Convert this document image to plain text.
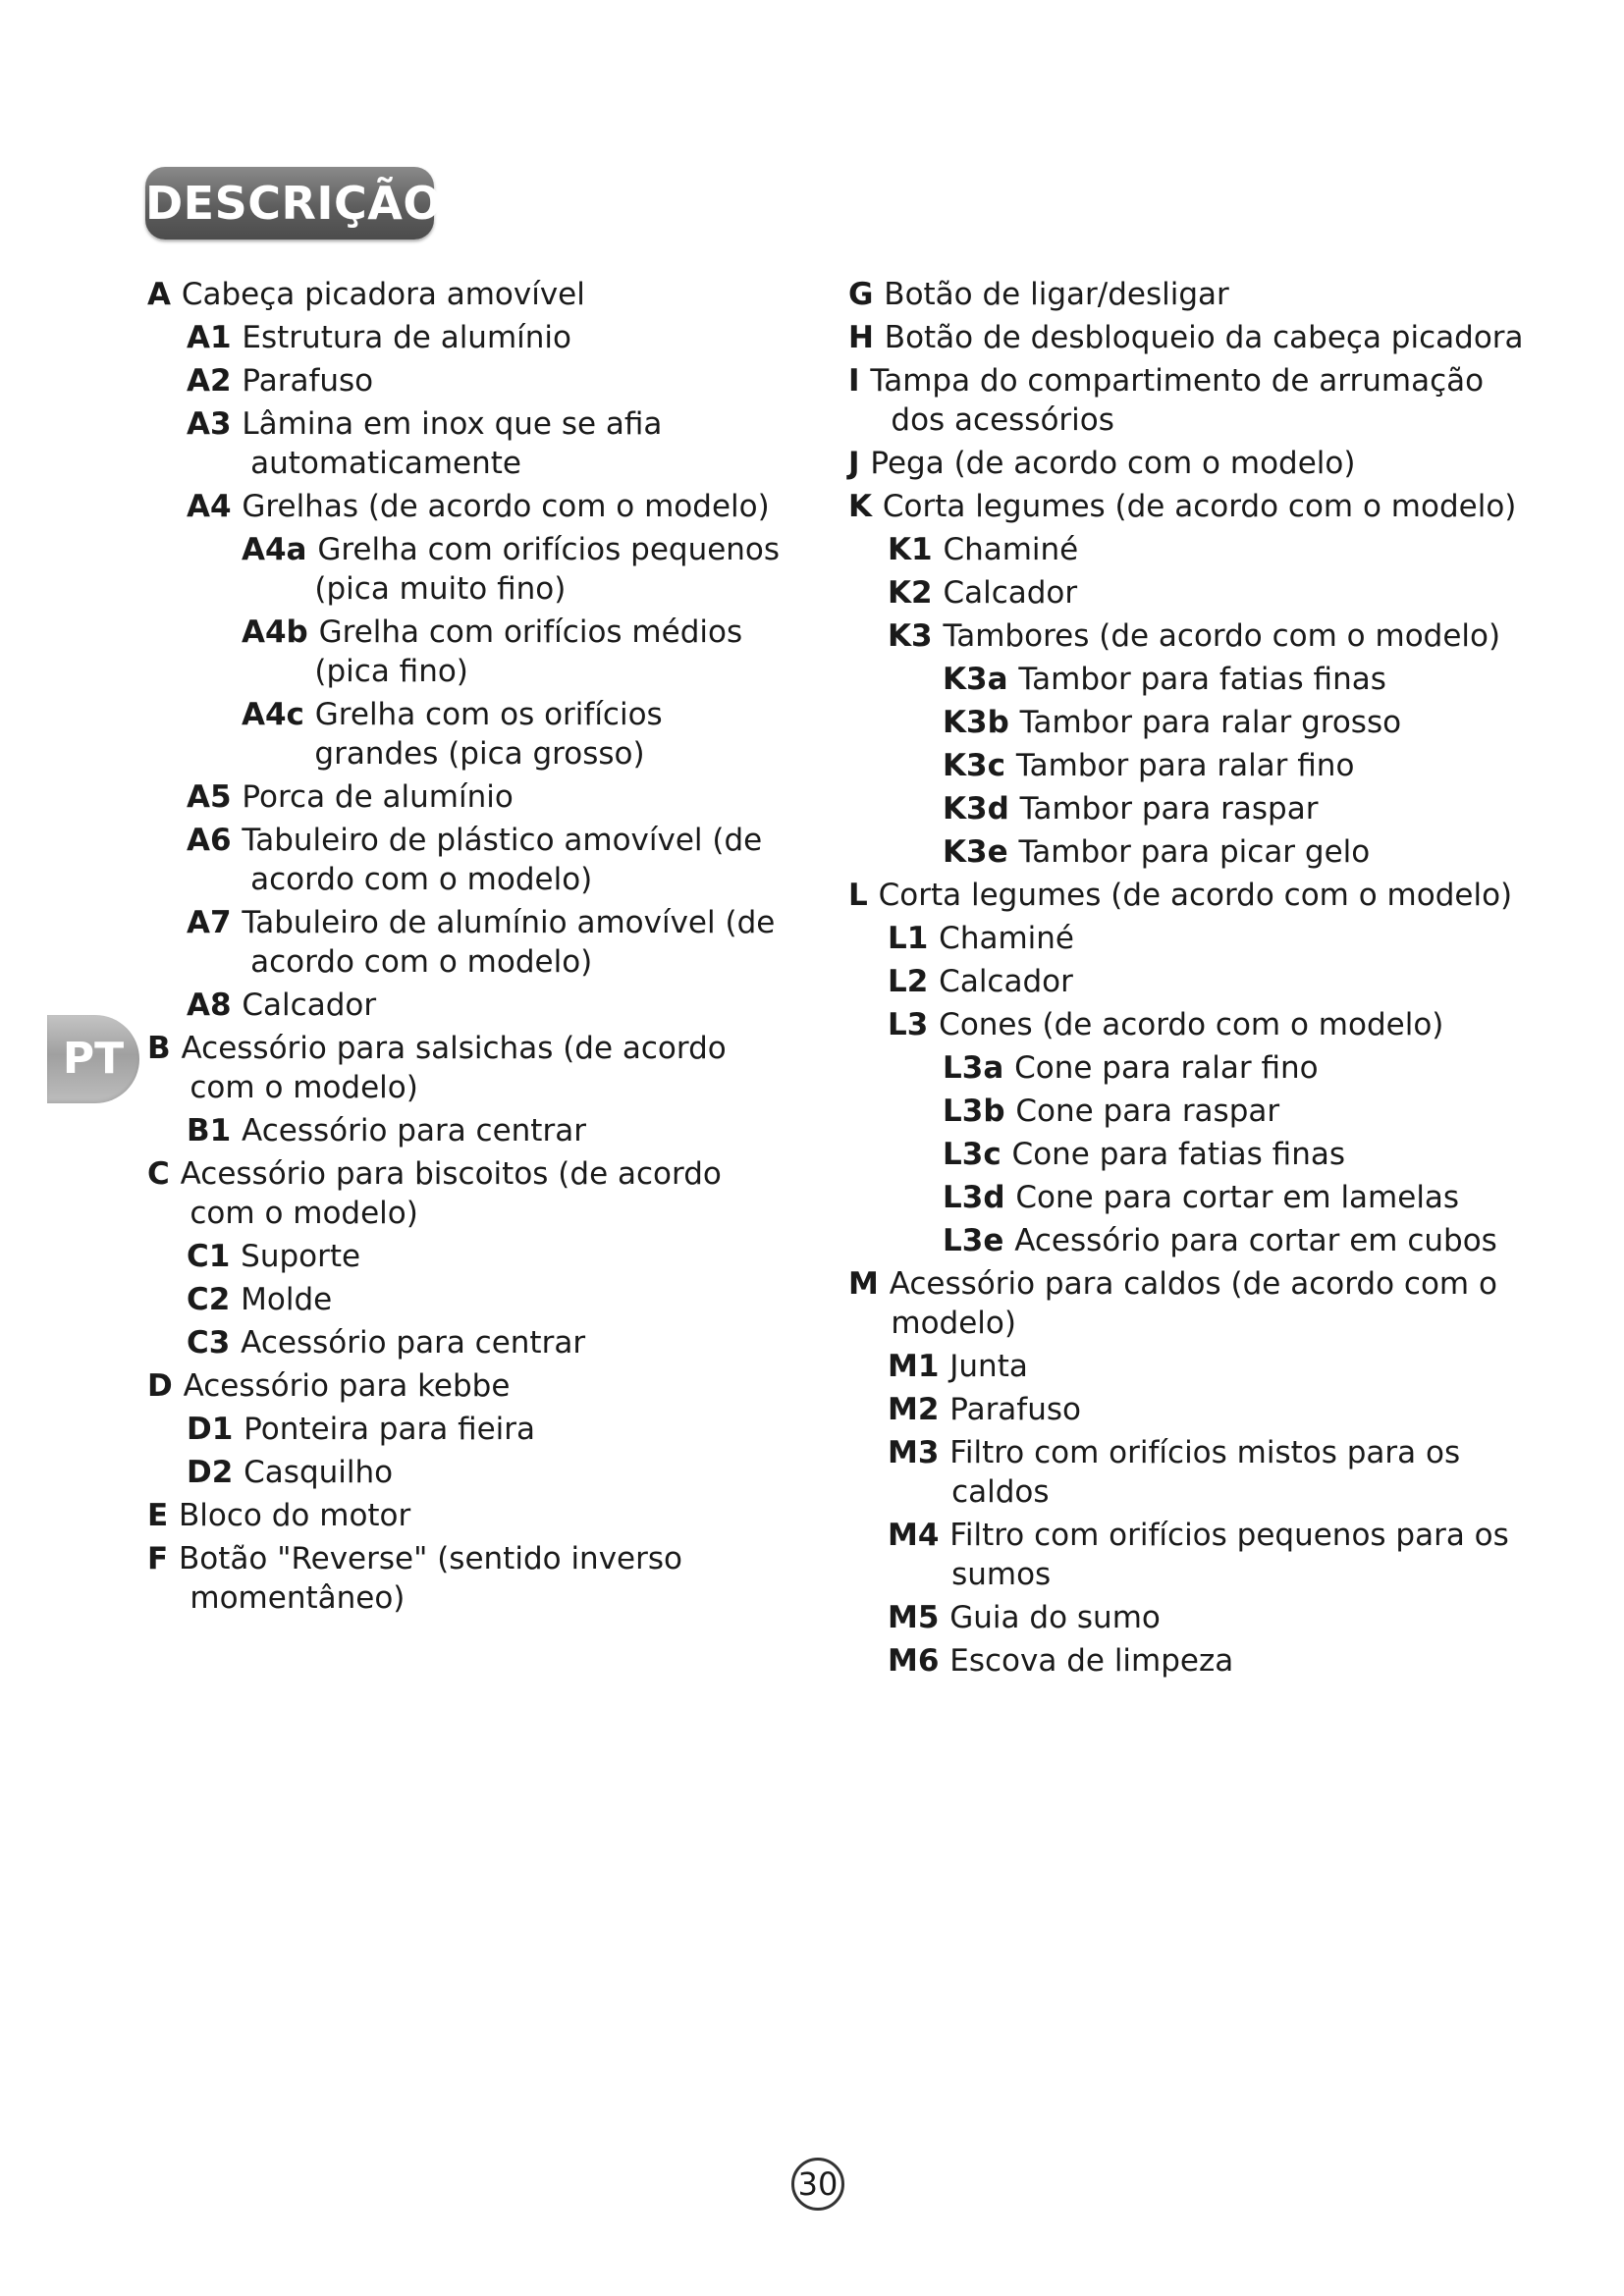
DESCRIÇÃO
PT
A Cabeça picadora amovível
A1 Estrutura de alumínio
A2 Parafuso
A3 Lâmina em inox que se afia automaticamente
A4 Grelhas (de acordo com o modelo)
A4a Grelha com orifícios pequenos (pica muito fino)
A4b Grelha com orifícios médios (pica fino)
A4c Grelha com os orifícios grandes (pica grosso)
A5 Porca de alumínio
A6 Tabuleiro de plástico amovível (de acordo com o modelo)
A7 Tabuleiro de alumínio amovível (de acordo com o modelo)
A8 Calcador
B Acessório para salsichas (de acordo com o modelo)
B1 Acessório para centrar
C Acessório para biscoitos (de acordo com o modelo)
C1 Suporte
C2 Molde
C3 Acessório para centrar
D Acessório para kebbe
D1 Ponteira para fieira
D2 Casquilho
E Bloco do motor
F Botão "Reverse" (sentido inverso momentâneo)
G Botão de ligar/desligar
H Botão de desbloqueio da cabeça picadora
I Tampa do compartimento de arrumação dos acessórios
J Pega (de acordo com o modelo)
K Corta legumes (de acordo com o modelo)
K1 Chaminé
K2 Calcador
K3 Tambores (de acordo com o modelo)
K3a Tambor para fatias finas
K3b Tambor para ralar grosso
K3c Tambor para ralar fino
K3d Tambor para raspar
K3e Tambor para picar gelo
L Corta legumes (de acordo com o modelo)
L1 Chaminé
L2 Calcador
L3 Cones (de acordo com o modelo)
L3a Cone para ralar fino
L3b Cone para raspar
L3c Cone para fatias finas
L3d Cone para cortar em lamelas
L3e Acessório para cortar em cubos
M Acessório para caldos (de acordo com o modelo)
M1 Junta
M2 Parafuso
M3 Filtro com orifícios mistos para os caldos
M4 Filtro com orifícios pequenos para os sumos
M5 Guia do sumo
M6 Escova de limpeza
30
